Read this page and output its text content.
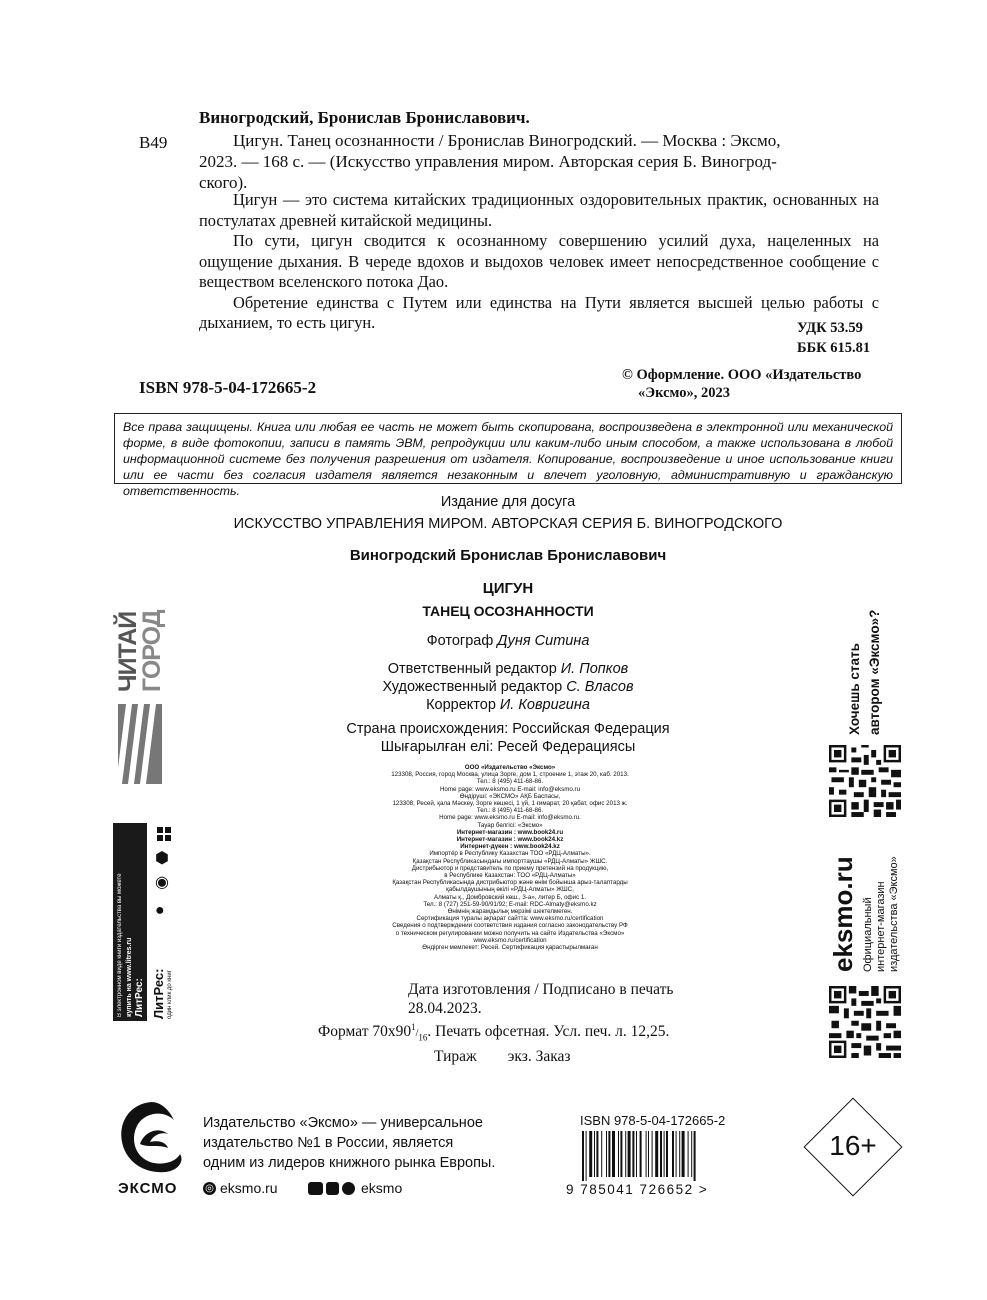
В49
Виногродский, Бронислав Брониславович.
Цигун. Танец осознанности / Бронислав Виногродский. — Москва : Эксмо,
2023. — 168 с. — (Искусство управления миром. Авторская серия Б. Виногрод-
ского).

Цигун — это система китайских традиционных оздоровительных практик, основанных на постулатах древней китайской медицины.

По сути, цигун сводится к осознанному совершению усилий духа, нацеленных на ощущение дыхания. В череде вдохов и выдохов человек имеет непосредственное сообщение с веществом вселенского потока Дао.

Обретение единства с Путем или единства на Пути является высшей целью работы с дыханием, то есть цигун.	УДК 53.59
ББК 615.81
ISBN 978-5-04-172665-2
© Оформление. ООО «Издательство
«Эксмо», 2023
Все права защищены. Книга или любая ее часть не может быть скопирована, воспроизведена в электронной или механической форме, в виде фотокопии, записи в память ЭВМ, репродукции или каким-либо иным способом, а также использована в любой информационной системе без получения разрешения от издателя. Копирование, воспроизведение и иное использование книги или ее части без согласия издателя является незаконным и влечет уголовную, административную и гражданскую ответственность.
Издание для досуга
ИСКУССТВО УПРАВЛЕНИЯ МИРОМ. АВТОРСКАЯ СЕРИЯ Б. ВИНОГРОДСКОГО
Виногродский Бронислав Брониславович
ЦИГУН
ТАНЕЦ ОСОЗНАННОСТИ
Фотограф Дуня Ситина
Ответственный редактор И. Попков
Художественный редактор С. Власов
Корректор И. Ковригина
Страна происхождения: Российская Федерация
Шығарылған елі: Ресей Федерациясы
ООО «Издательство «Эксмо»
123308, Россия, город Москва, улица Зорге, дом 1, строение 1, этаж 20, каб. 2013.
Тел.: 8 (495) 411-68-86.
Home page: www.eksmo.ru E-mail: info@eksmo.ru
Өндіруші: «ЭКСМО» АҚБ Баспасы,
123308, Ресей, қала Мәскеу, Зорге көшесі, 1 үй, 1 ғимарат, 20 қабат, офис 2013 ж.
Тел.: 8 (495) 411-68-86.
Home page: www.eksmo.ru E-mail: info@eksmo.ru.
Тауар белгісі: «Эксмо»
Интернет-магазин : www.book24.ru
Интернет-магазин : www.book24.kz
Интернет-дүкен : www.book24.kz
Импортёр в Республику Казахстан ТОО «РДЦ-Алматы».
Қазақстан Республикасындағы импорттаушы «РДЦ-Алматы» ЖШС.
Дистрибьютор и представитель по приему претензий на продукцию,
в Республике Казахстан: ТОО «РДЦ-Алматы»
Қазақстан Республикасында дистрибьютор және өнім бойынша арыз-талаптарды
қабылдаушының өкілі «РДЦ-Алматы» ЖШС,
Алматы қ., Домбровский көш., 3-а», литер Б, офис 1.
Тел.: 8 (727) 251-59-90/91/92; E-mail: RDC-Almaty@eksmo.kz
Өнімнің жарамдылық мерзімі шектелмеген.
Сертификация туралы ақпарат сайтта: www.eksmo.ru/certification
Сведения о подтверждении соответствия издания согласно законодательству РФ
о техническом регулировании можно получить на сайте Издательства «Эксмо»
www.eksmo.ru/certification
Өндірген мемлекет: Ресей. Сертификация қарастырылмаған
Дата изготовления / Подписано в печать 28.04.2023.
Формат $70x90^1/_{16}$. Печать офсетная. Усл. печ. л. 12,25.
Тираж        экз. Заказ
ЧИТАЙ
ГОРОД
В электронном виде книги издательства вы можете купить на www.litres.ru ЛитРес: ЛитРес: один клик до книг
⬢
◉
●
Хочешь стать автором «Эксмо»?
eksmo.ru Официальный интернет-магазин издательства «Эксмо»
ЭКСМО
Издательство «Эксмо» — универсальное
издательство №1 в России, является
одним из лидеров книжного рынка Европы.
◎ eksmo.ru	eksmo
ISBN 978-5-04-172665-2
9 785041 726652 >
16+
